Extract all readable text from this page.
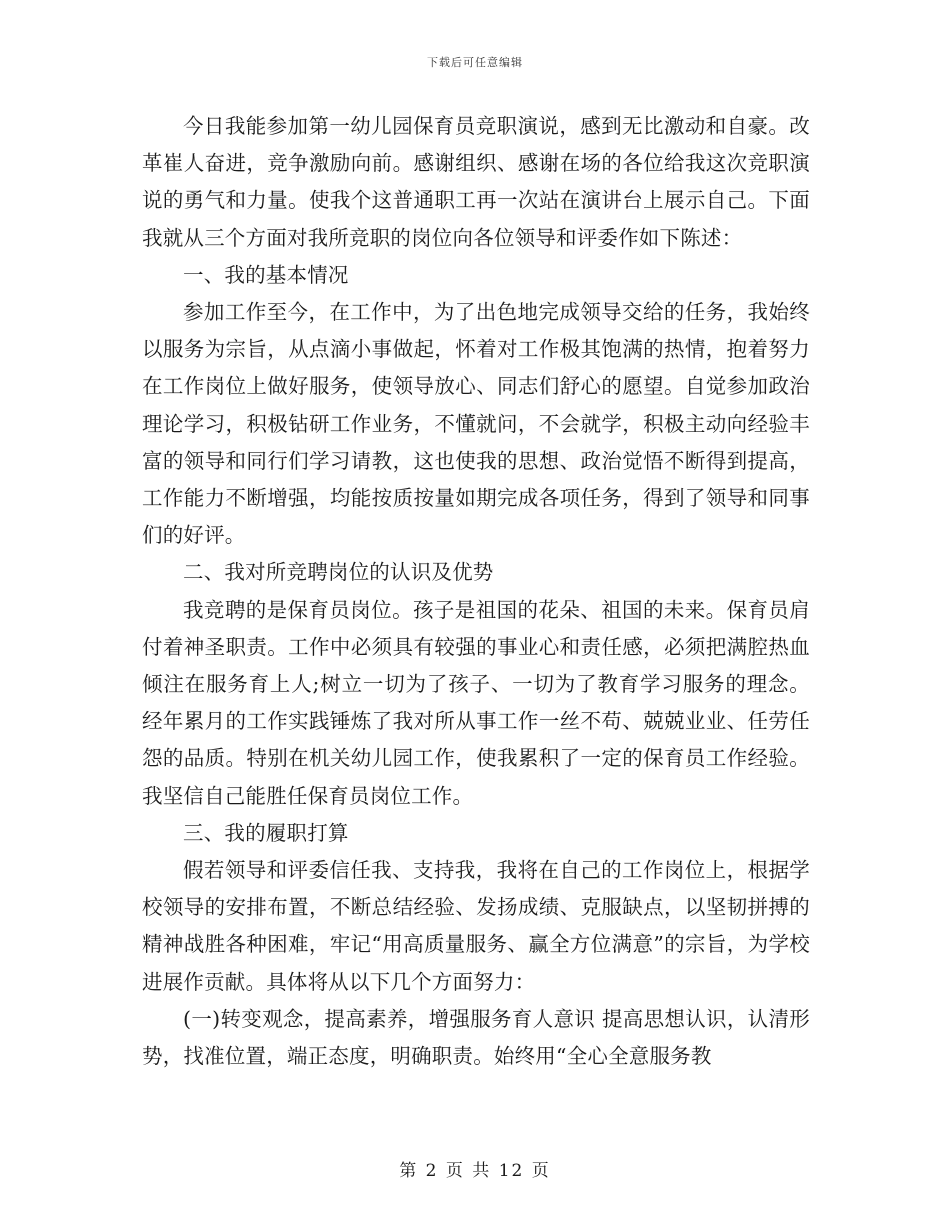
下载后可任意编辑

今日我能参加第一幼儿园保育员竞职演说，感到无比激动和自豪。改革崔人奋进，竞争激励向前。感谢组织、感谢在场的各位给我这次竞职演说的勇气和力量。使我个这普通职工再一次站在演讲台上展示自己。下面我就从三个方面对我所竞职的岗位向各位领导和评委作如下陈述：

一、我的基本情况

参加工作至今，在工作中，为了出色地完成领导交给的任务，我始终以服务为宗旨，从点滴小事做起，怀着对工作极其饱满的热情，抱着努力在工作岗位上做好服务，使领导放心、同志们舒心的愿望。自觉参加政治理论学习，积极钻研工作业务，不懂就问，不会就学，积极主动向经验丰富的领导和同行们学习请教，这也使我的思想、政治觉悟不断得到提高，工作能力不断增强，均能按质按量如期完成各项任务，得到了领导和同事们的好评。

二、我对所竞聘岗位的认识及优势

我竞聘的是保育员岗位。孩子是祖国的花朵、祖国的未来。保育员肩付着神圣职责。工作中必须具有较强的事业心和责任感，必须把满腔热血倾注在服务育上人;树立一切为了孩子、一切为了教育学习服务的理念。经年累月的工作实践锤炼了我对所从事工作一丝不苟、兢兢业业、任劳任怨的品质。特别在机关幼儿园工作，使我累积了一定的保育员工作经验。我坚信自己能胜任保育员岗位工作。

三、我的履职打算

假若领导和评委信任我、支持我，我将在自己的工作岗位上，根据学校领导的安排布置，不断总结经验、发扬成绩、克服缺点，以坚韧拼搏的精神战胜各种困难，牢记“用高质量服务、赢全方位满意”的宗旨，为学校进展作贡献。具体将从以下几个方面努力：

(一)转变观念，提高素养，增强服务育人意识 提高思想认识，认清形势，找准位置，端正态度，明确职责。始终用“全心全意服务教

第 2 页 共 12 页
